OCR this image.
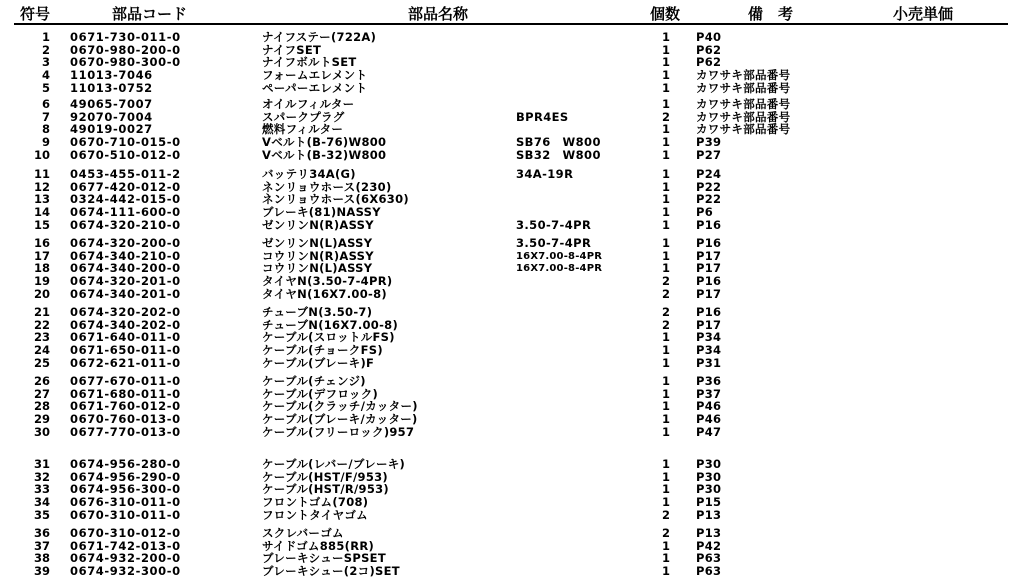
符号	部品コード	部品名称	個数	備　考	小売単価
1 0671-730-011-0	ナイフステー(722A)	1	P40
2 0670-980-200-0	ナイフSET	1	P62
3 0670-980-300-0	ナイフボルトSET	1	P62
4 11013-7046	フォームエレメント	1	カワサキ部品番号
5 11013-0752	ペーパーエレメント	1	カワサキ部品番号
6 49065-7007	オイルフィルター	1	カワサキ部品番号
7 92070-7004	スパークプラグ	BPR4ES	2	カワサキ部品番号
8 49019-0027	燃料フィルター	1	カワサキ部品番号
9 0670-710-015-0	Vベルト(B-76)W800	SB76　W800	1	P39
10 0670-510-012-0	Vベルト(B-32)W800	SB32　W800	1	P27
11 0453-455-011-2	バッテリ34A(G)	34A-19R	1	P24
12 0677-420-012-0	ネンリョウホース(230)	1	P22
13 0324-442-015-0	ネンリョウホース(6X630)	1	P22
14 0674-111-600-0	ブレーキ(81)NASSY	1	P6
15 0674-320-210-0	ゼンリンN(R)ASSY	3.50-7-4PR	1	P16
16 0674-320-200-0	ゼンリンN(L)ASSY	3.50-7-4PR	1	P16
17 0674-340-210-0	コウリンN(R)ASSY	16X7.00-8-4PR	1	P17
18 0674-340-200-0	コウリンN(L)ASSY	16X7.00-8-4PR	1	P17
19 0674-320-201-0	タイヤN(3.50-7-4PR)	2	P16
20 0674-340-201-0	タイヤN(16X7.00-8)	2	P17
21 0674-320-202-0	チューブN(3.50-7)	2	P16
22 0674-340-202-0	チューブN(16X7.00-8)	2	P17
23 0671-640-011-0	ケーブル(スロットルFS)	1	P34
24 0671-650-011-0	ケーブル(チョークFS)	1	P34
25 0672-621-011-0	ケーブル(ブレーキ)F	1	P31
26 0677-670-011-0	ケーブル(チェンジ)	1	P36
27 0671-680-011-0	ケーブル(デフロック)	1	P37
28 0671-760-012-0	ケーブル(クラッチ/カッター)	1	P46
29 0670-760-013-0	ケーブル(ブレーキ/カッター)	1	P46
30 0677-770-013-0	ケーブル(フリーロック)957	1	P47
31 0674-956-280-0	ケーブル(レバー/ブレーキ)	1	P30
32 0674-956-290-0	ケーブル(HST/F/953)	1	P30
33 0674-956-300-0	ケーブル(HST/R/953)	1	P30
34 0676-310-011-0	フロントゴム(708)	1	P15
35 0670-310-011-0	フロントタイヤゴム	2	P13
36 0670-310-012-0	スクレバーゴム	2	P13
37 0671-742-013-0	サイドゴム885(RR)	1	P42
38 0674-932-200-0	ブレーキシューSPSET	1	P63
39 0674-932-300-0	ブレーキシュー(2コ)SET	1	P63
